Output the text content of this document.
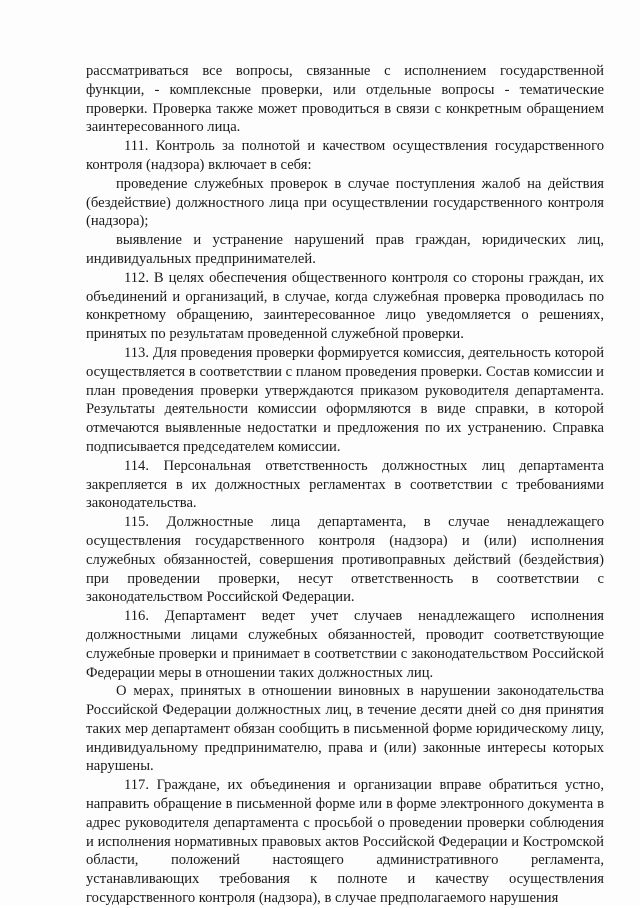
рассматриваться все вопросы, связанные с исполнением государственной функции, - комплексные проверки, или отдельные вопросы - тематические проверки. Проверка также может проводиться в связи с конкретным обращением заинтересованного лица.

111. Контроль за полнотой и качеством осуществления государственного контроля (надзора) включает в себя:

проведение служебных проверок в случае поступления жалоб на действия (бездействие) должностного лица при осуществлении государственного контроля (надзора);

выявление и устранение нарушений прав граждан, юридических лиц, индивидуальных предпринимателей.

112. В целях обеспечения общественного контроля со стороны граждан, их объединений и организаций, в случае, когда служебная проверка проводилась по конкретному обращению, заинтересованное лицо уведомляется о решениях, принятых по результатам проведенной служебной проверки.

113. Для проведения проверки формируется комиссия, деятельность которой осуществляется в соответствии с планом проведения проверки. Состав комиссии и план проведения проверки утверждаются приказом руководителя департамента. Результаты деятельности комиссии оформляются в виде справки, в которой отмечаются выявленные недостатки и предложения по их устранению. Справка подписывается председателем комиссии.

114. Персональная ответственность должностных лиц департамента закрепляется в их должностных регламентах в соответствии с требованиями законодательства.

115. Должностные лица департамента, в случае ненадлежащего осуществления государственного контроля (надзора) и (или) исполнения служебных обязанностей, совершения противоправных действий (бездействия) при проведении проверки, несут ответственность в соответствии с законодательством Российской Федерации.

116. Департамент ведет учет случаев ненадлежащего исполнения должностными лицами служебных обязанностей, проводит соответствующие служебные проверки и принимает в соответствии с законодательством Российской Федерации меры в отношении таких должностных лиц.

О мерах, принятых в отношении виновных в нарушении законодательства Российской Федерации должностных лиц, в течение десяти дней со дня принятия таких мер департамент обязан сообщить в письменной форме юридическому лицу, индивидуальному предпринимателю, права и (или) законные интересы которых нарушены.

117. Граждане, их объединения и организации вправе обратиться устно, направить обращение в письменной форме или в форме электронного документа в адрес руководителя департамента с просьбой о проведении проверки соблюдения и исполнения нормативных правовых актов Российской Федерации и Костромской области, положений настоящего административного регламента, устанавливающих требования к полноте и качеству осуществления государственного контроля (надзора), в случае предполагаемого нарушения
